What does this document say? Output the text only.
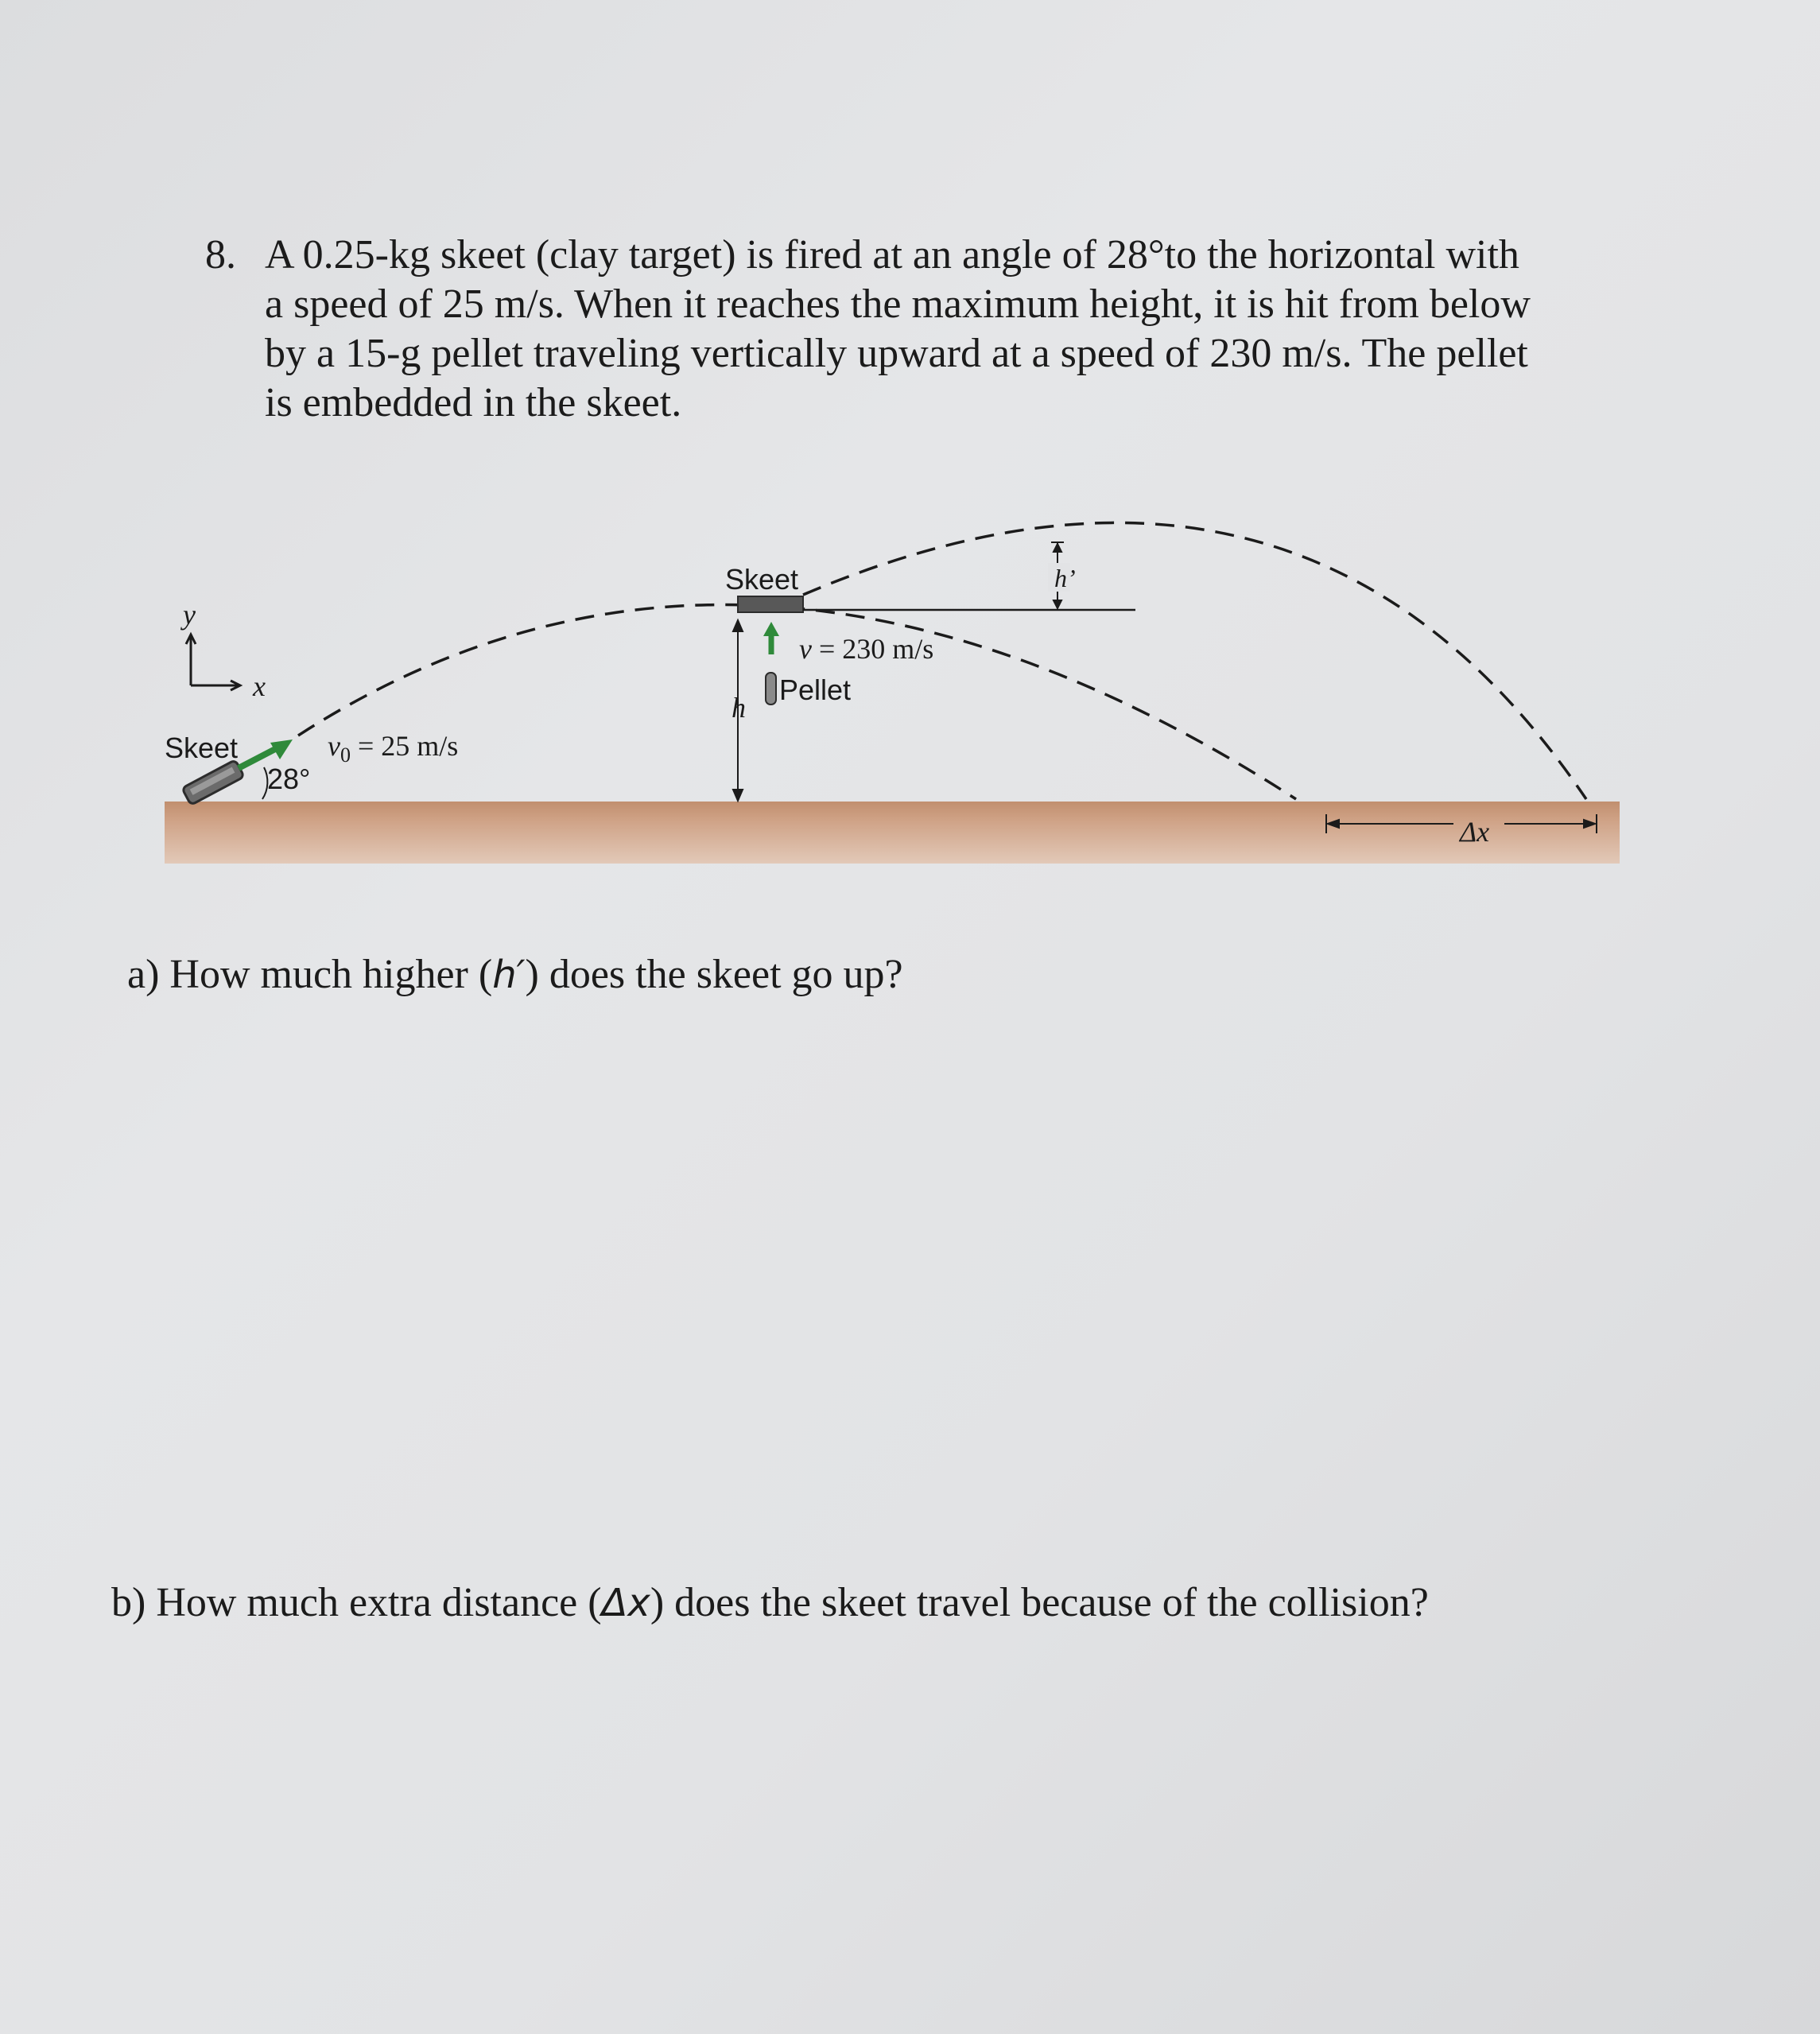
8. A 0.25-kg skeet (clay target) is fired at an angle of 28°to the horizontal with
a speed of 25 m/s. When it reaches the maximum height, it is hit from below
by a 15-g pellet traveling vertically upward at a speed of 230 m/s. The pellet
is embedded in the skeet.
y
x
Skeet
28°
$v_0 = 25$ m/s
Skeet
h
v = 230 m/s
Pellet
h’
Δx
a) How much higher (h′) does the skeet go up?
b) How much extra distance (Δx) does the skeet travel because of the collision?
